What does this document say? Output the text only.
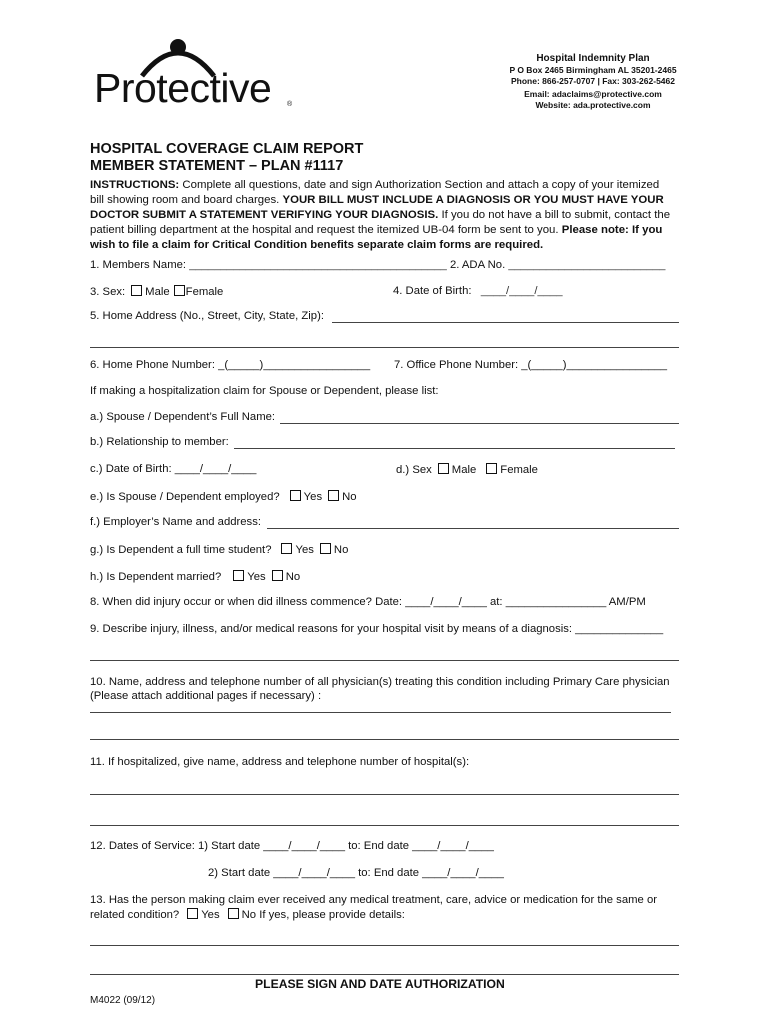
Protective ®
Hospital Indemnity Plan
P O Box 2465 Birmingham AL 35201-2465
Phone: 866-257-0707 | Fax: 303-262-5462
Email: adaclaims@protective.com
Website: ada.protective.com
HOSPITAL COVERAGE CLAIM REPORT
MEMBER STATEMENT – PLAN #1117
INSTRUCTIONS: Complete all questions, date and sign Authorization Section and attach a copy of your itemized bill showing room and board charges. YOUR BILL MUST INCLUDE A DIAGNOSIS OR YOU MUST HAVE YOUR DOCTOR SUBMIT A STATEMENT VERIFYING YOUR DIAGNOSIS. If you do not have a bill to submit, contact the patient billing department at the hospital and request the itemized UB-04 form be sent to you. Please note: If you wish to file a claim for Critical Condition benefits separate claim forms are required.
1. Members Name: _________________________________________ 2. ADA No. _________________________
3. Sex: Male Female	4. Date of Birth: ____/____/____
5. Home Address (No., Street, City, State, Zip):
6. Home Phone Number: _(_____)_________________ 7. Office Phone Number: _(_____)________________
If making a hospitalization claim for Spouse or Dependent, please list:
a.) Spouse / Dependent’s Full Name:
b.) Relationship to member:
c.) Date of Birth: ____/____/____	d.) Sex Male Female
e.) Is Spouse / Dependent employed? Yes No
f.) Employer’s Name and address:
g.) Is Dependent a full time student? Yes No
h.) Is Dependent married? Yes No
8. When did injury occur or when did illness commence? Date: ____/____/____ at: ________________ AM/PM
9. Describe injury, illness, and/or medical reasons for your hospital visit by means of a diagnosis: ______________
10. Name, address and telephone number of all physician(s) treating this condition including Primary Care physician
(Please attach additional pages if necessary) :
11. If hospitalized, give name, address and telephone number of hospital(s):
12. Dates of Service: 1) Start date ____/____/____ to: End date ____/____/____
2) Start date ____/____/____ to: End date ____/____/____
13. Has the person making claim ever received any medical treatment, care, advice or medication for the same or
related condition? Yes No If yes, please provide details:
PLEASE SIGN AND DATE AUTHORIZATION
M4022 (09/12)
